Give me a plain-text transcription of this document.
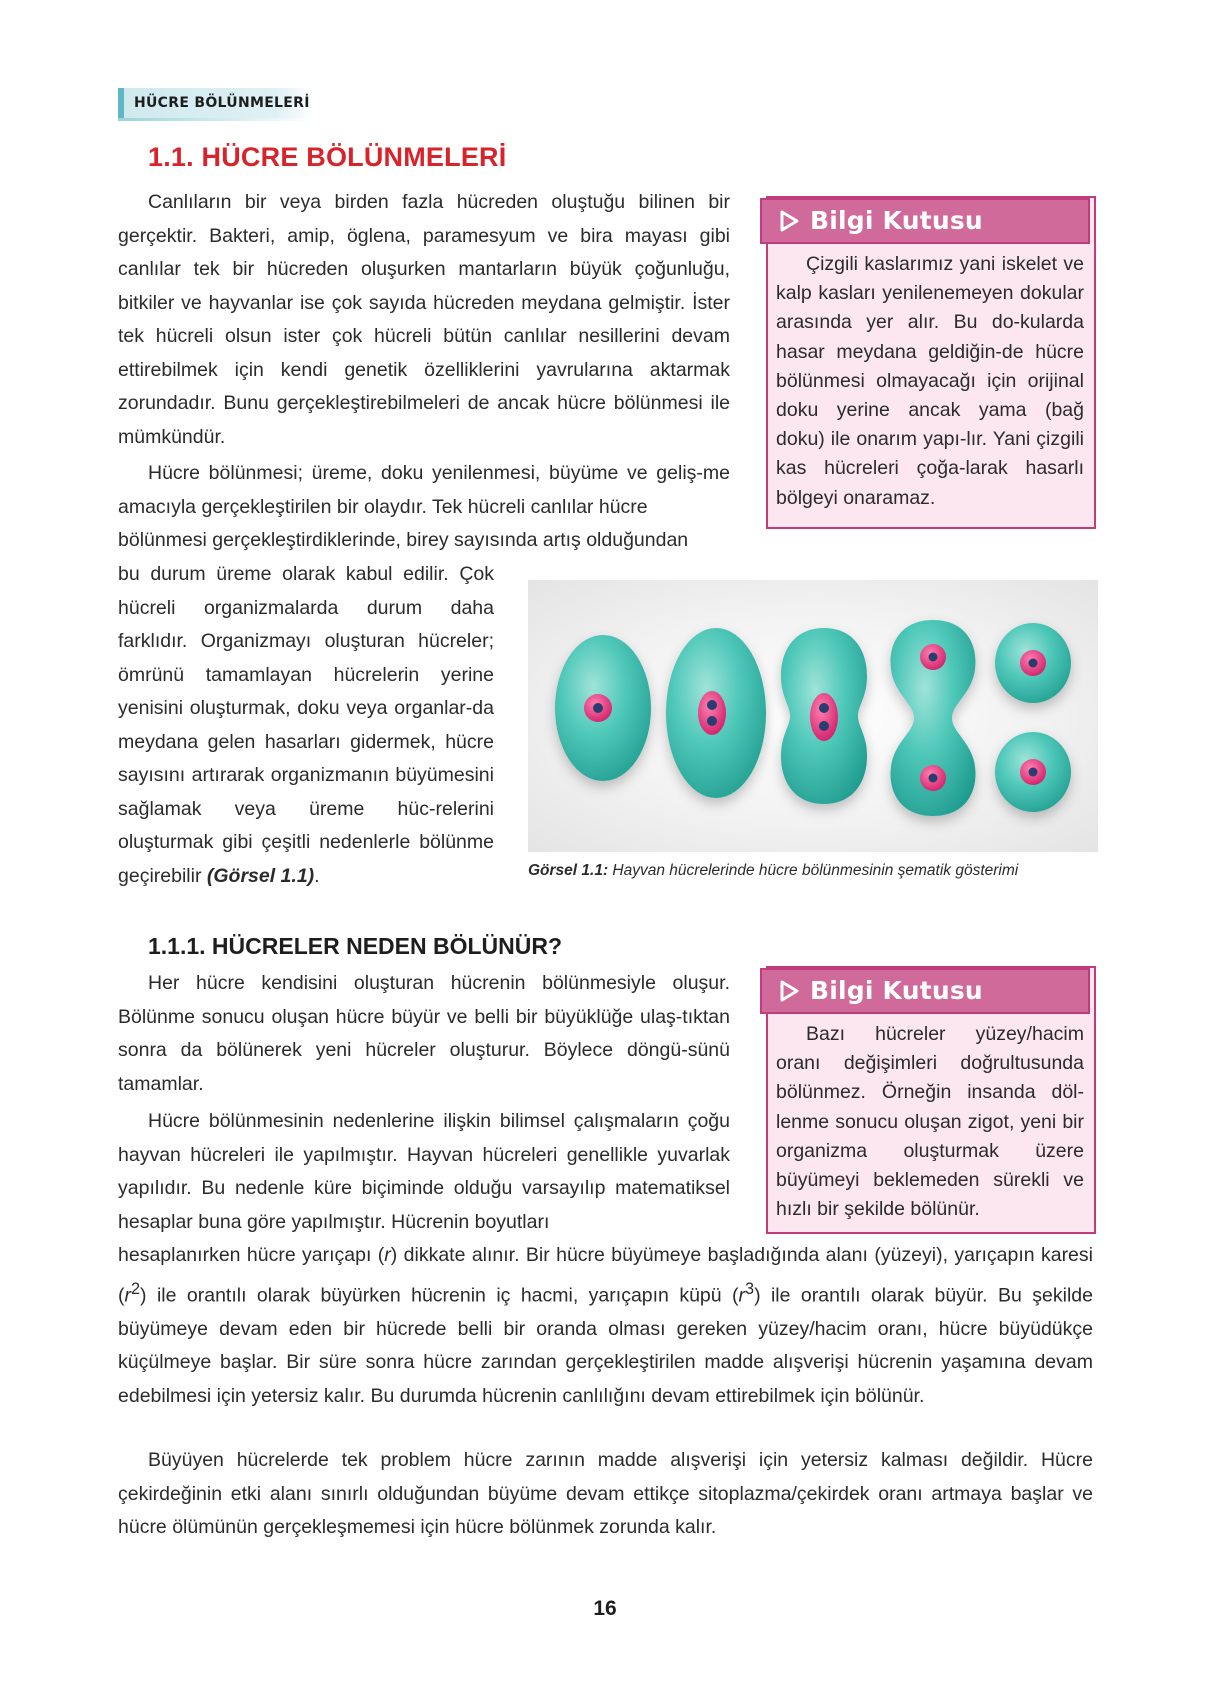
HÜCRE BÖLÜNMELERİ
1.1. HÜCRE BÖLÜNMELERİ

Canlıların bir veya birden fazla hücreden oluştuğu bilinen bir gerçektir. Bakteri, amip, öglena, paramesyum ve bira mayası gibi canlılar tek bir hücreden oluşurken mantarların büyük çoğunluğu, bitkiler ve hayvanlar ise çok sayıda hücreden meydana gelmiştir. İster tek hücreli olsun ister çok hücreli bütün canlılar nesillerini devam ettirebilmek için kendi genetik özelliklerini yavrularına aktarmak zorundadır. Bunu gerçekleştirebilmeleri de ancak hücre bölünmesi ile mümkündür.

Hücre bölünmesi; üreme, doku yenilenmesi, büyüme ve geliş-me amacıyla gerçekleştirilen bir olaydır. Tek hücreli canlılar hücre

bölünmesi gerçekleştirdiklerinde, birey sayısında artış olduğundan

bu durum üreme olarak kabul edilir. Çok hücreli organizmalarda durum daha farklıdır. Organizmayı oluşturan hücreler; ömrünü tamamlayan hücrelerin yerine yenisini oluşturmak, doku veya organlar-da meydana gelen hasarları gidermek, hücre sayısını artırarak organizmanın büyümesini sağlamak veya üreme hüc-relerini oluşturmak gibi çeşitli nedenlerle bölünme geçirebilir (Görsel 1.1).

Bilgi Kutusu
Çizgili kaslarımız yani iskelet ve kalp kasları yenilenemeyen dokular arasında yer alır. Bu do-kularda hasar meydana geldiğin-de hücre bölünmesi olmayacağı için orijinal doku yerine ancak yama (bağ doku) ile onarım yapı-lır. Yani çizgili kas hücreleri çoğa-larak hasarlı bölgeyi onaramaz.
Görsel 1.1: Hayvan hücrelerinde hücre bölünmesinin şematik gösterimi
1.1.1. HÜCRELER NEDEN BÖLÜNÜR?

Her hücre kendisini oluşturan hücrenin bölünmesiyle oluşur. Bölünme sonucu oluşan hücre büyür ve belli bir büyüklüğe ulaş-tıktan sonra da bölünerek yeni hücreler oluşturur. Böylece döngü-sünü tamamlar.

Bilgi Kutusu
Bazı hücreler yüzey/hacim oranı değişimleri doğrultusunda bölünmez. Örneğin insanda döl-lenme sonucu oluşan zigot, yeni bir organizma oluşturmak üzere büyümeyi beklemeden sürekli ve hızlı bir şekilde bölünür.

Hücre bölünmesinin nedenlerine ilişkin bilimsel çalışmaların çoğu hayvan hücreleri ile yapılmıştır. Hayvan hücreleri genellikle yuvarlak yapılıdır. Bu nedenle küre biçiminde olduğu varsayılıp matematiksel hesaplar buna göre yapılmıştır. Hücrenin boyutları

hesaplanırken hücre yarıçapı (r) dikkate alınır. Bir hücre büyümeye başladığında alanı (yüzeyi), yarıçapın karesi $(r^2)$ ile orantılı olarak büyürken hücrenin iç hacmi, yarıçapın küpü $(r^3)$ ile orantılı olarak büyür. Bu şekilde büyümeye devam eden bir hücrede belli bir oranda olması gereken yüzey/hacim oranı, hücre büyüdükçe küçülmeye başlar. Bir süre sonra hücre zarından gerçekleştirilen madde alışverişi hücrenin yaşamına devam edebilmesi için yetersiz kalır. Bu durumda hücrenin canlılığını devam ettirebilmek için bölünür.

Büyüyen hücrelerde tek problem hücre zarının madde alışverişi için yetersiz kalması değildir. Hücre çekirdeğinin etki alanı sınırlı olduğundan büyüme devam ettikçe sitoplazma/çekirdek oranı artmaya başlar ve hücre ölümünün gerçekleşmemesi için hücre bölünmek zorunda kalır.

16
